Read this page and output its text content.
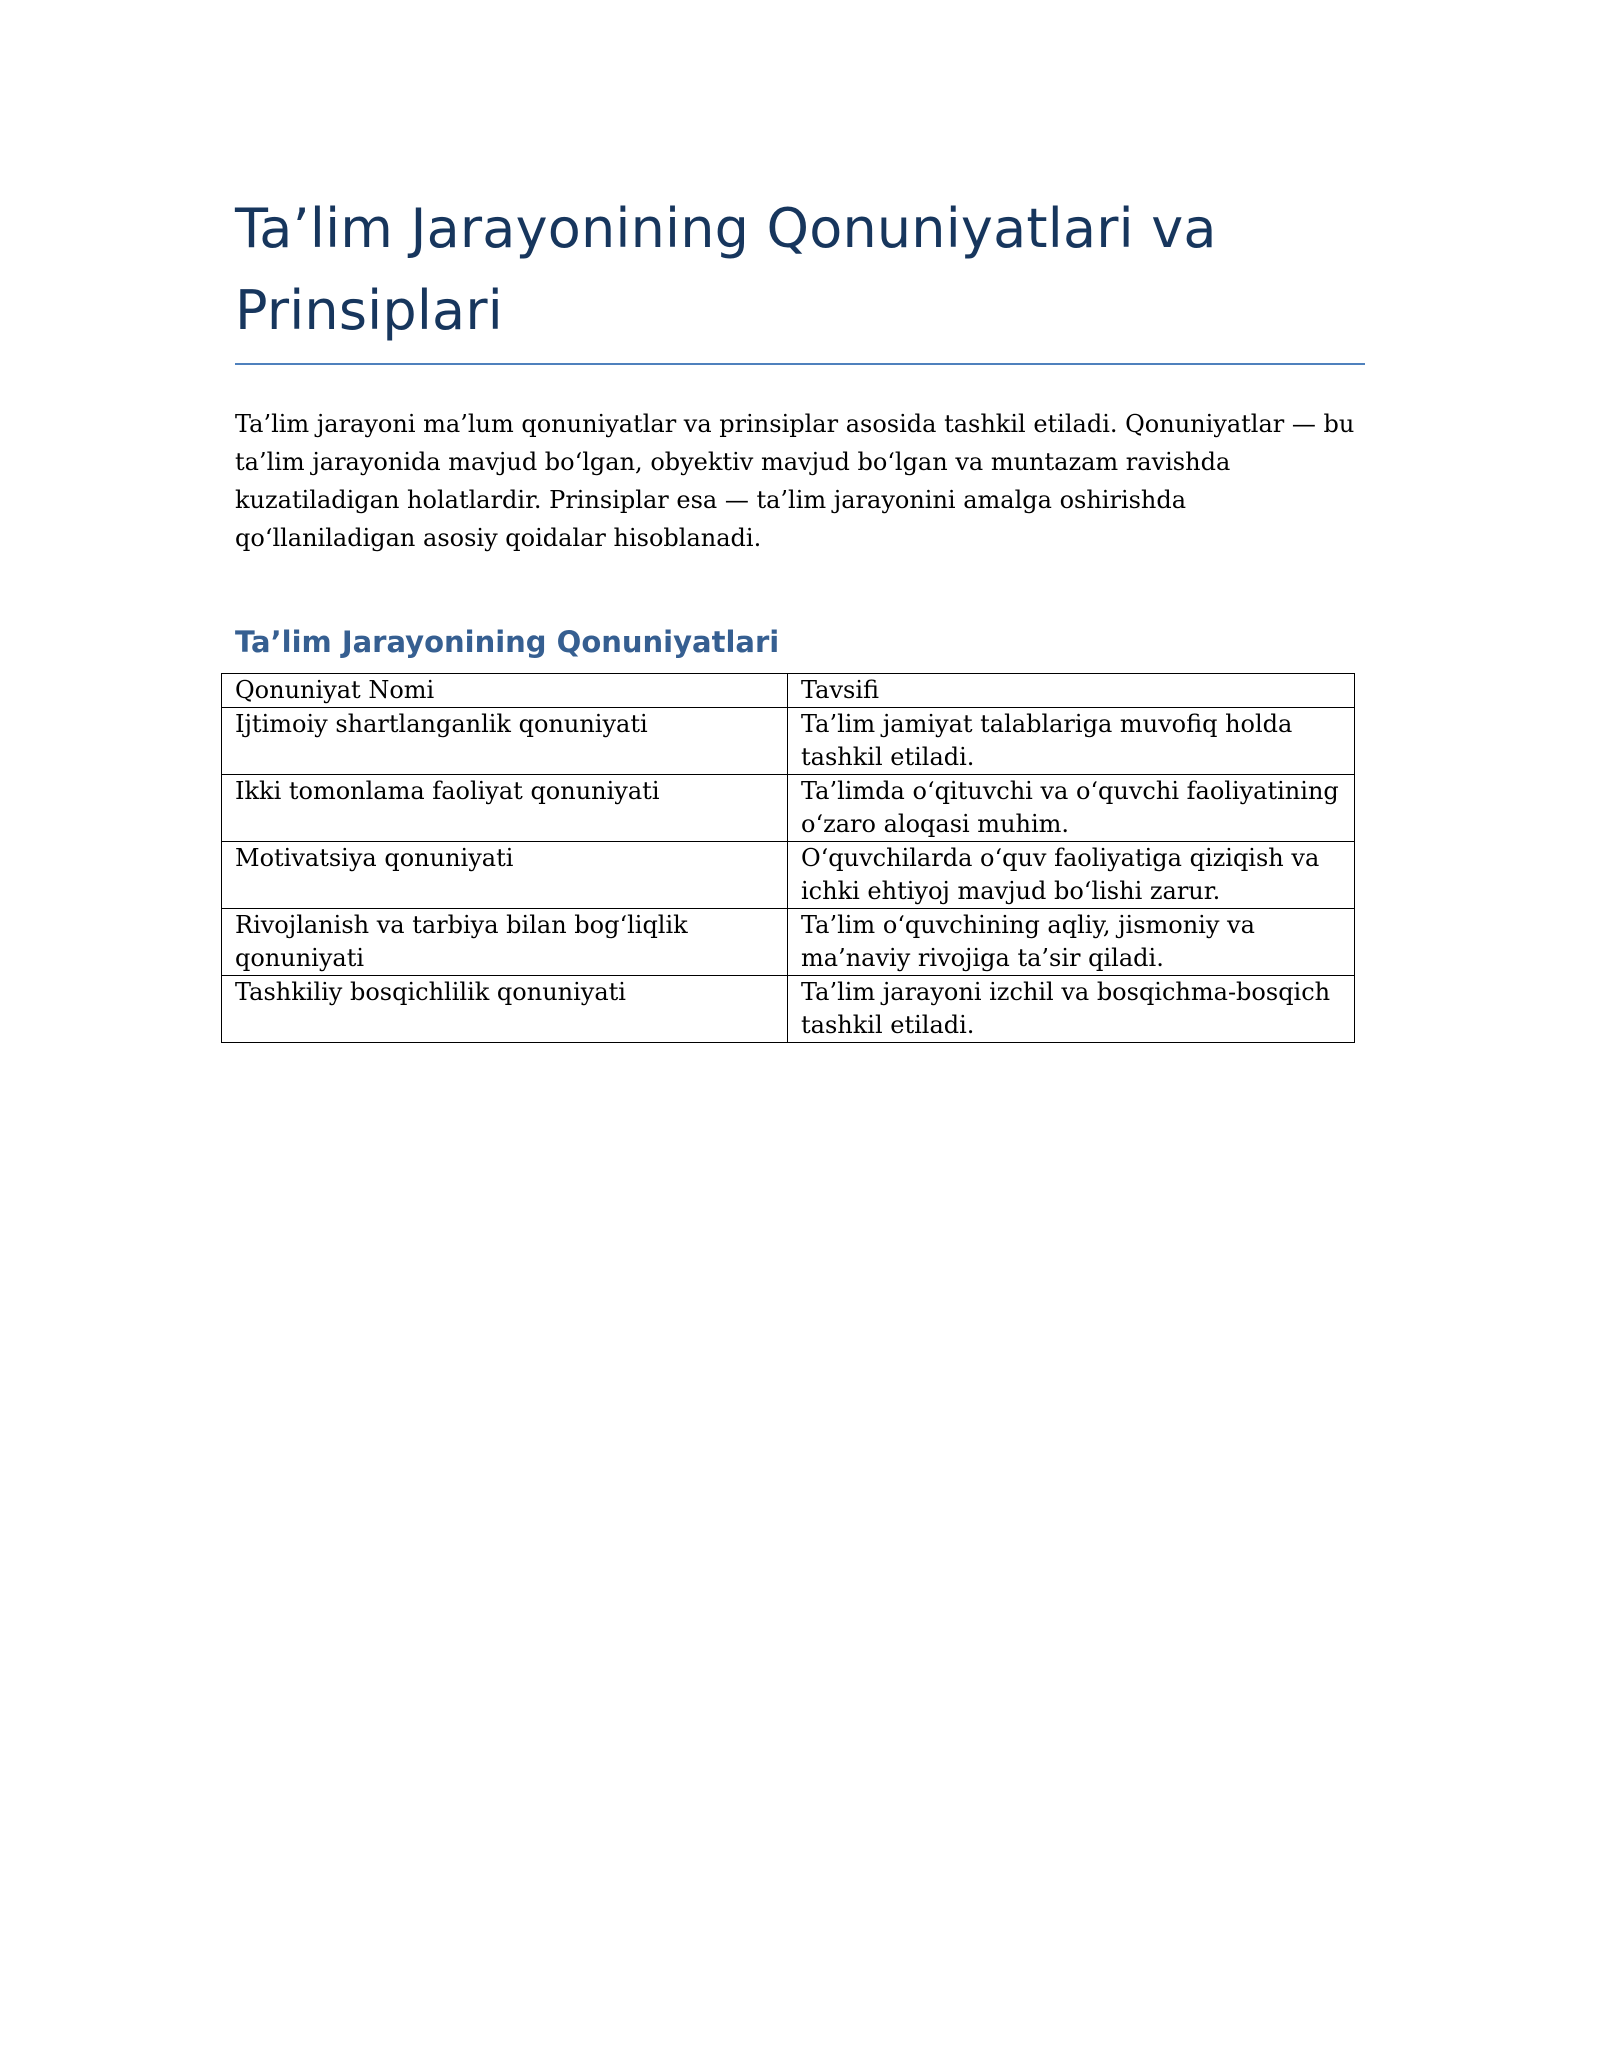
Ta’lim Jarayonining Qonuniyatlari va Prinsiplari

Ta’lim jarayoni ma’lum qonuniyatlar va prinsiplar asosida tashkil etiladi. Qonuniyatlar — bu ta’lim jarayonida mavjud bo‘lgan, obyektiv mavjud bo‘lgan va muntazam ravishda kuzatiladigan holatlardir. Prinsiplar esa — ta’lim jarayonini amalga oshirishda qo‘llaniladigan asosiy qoidalar hisoblanadi.

Ta’lim Jarayonining Qonuniyatlari
Qonuniyat Nomi	Tavsifi
Ijtimoiy shartlanganlik qonuniyati	Ta’lim jamiyat talablariga muvofiq holda tashkil etiladi.
Ikki tomonlama faoliyat qonuniyati	Ta’limda o‘qituvchi va o‘quvchi faoliyatining o‘zaro aloqasi muhim.
Motivatsiya qonuniyati	O‘quvchilarda o‘quv faoliyatiga qiziqish va ichki ehtiyoj mavjud bo‘lishi zarur.
Rivojlanish va tarbiya bilan bog‘liqlik qonuniyati	Ta’lim o‘quvchining aqliy, jismoniy va ma’naviy rivojiga ta’sir qiladi.
Tashkiliy bosqichlilik qonuniyati	Ta’lim jarayoni izchil va bosqichma-bosqich tashkil etiladi.
